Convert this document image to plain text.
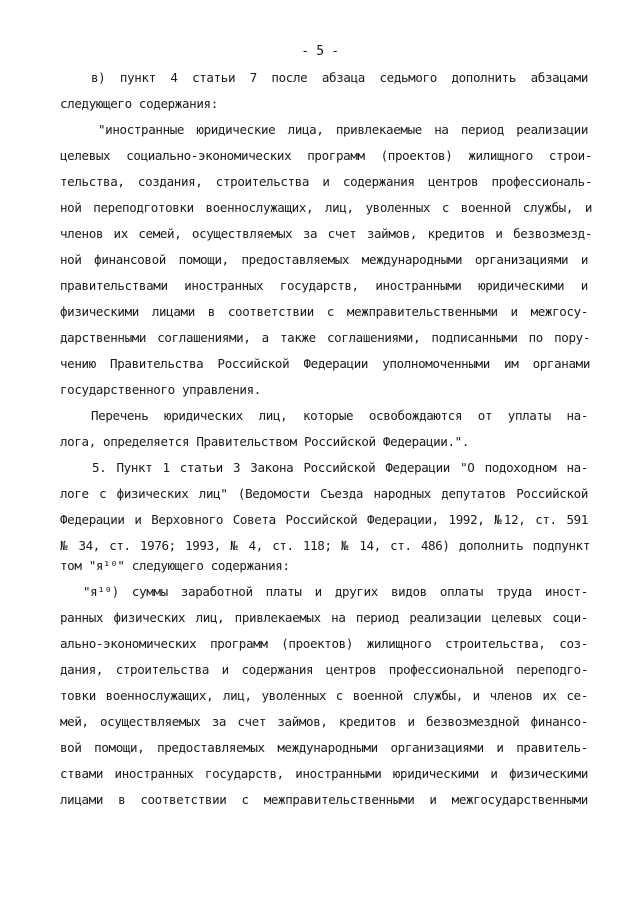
- 5 -
в) пункт 4 статьи 7 после абзаца седьмого дополнить абзацами
следующего содержания:
"иностранные юридические лица, привлекаемые на период реализации
целевых социально-экономических программ (проектов) жилищного строи-
тельства, создания, строительства и содержания центров профессиональ-
ной переподготовки военнослужащих, лиц, уволенных с военной службы, и
членов их семей, осуществляемых за счет займов, кредитов и безвозмезд-
ной финансовой помощи, предоставляемых международными организациями и
правительствами иностранных государств, иностранными юридическими и
физическими лицами в соответствии с межправительственными и межгосу-
дарственными соглашениями, а также соглашениями, подписанными по пору-
чению Правительства Российской Федерации уполномоченными им органами
государственного управления.
Перечень юридических лиц, которые освобождаются от уплаты на-
лога, определяется Правительством Российской Федерации.".
5. Пункт 1 статьи 3 Закона Российской Федерации "О подоходном на-
логе с физических лиц" (Ведомости Съезда народных депутатов Российской
Федерации и Верховного Совета Российской Федерации, 1992, №12, ст. 591
№ 34, ст. 1976; 1993, № 4, ст. 118; № 14, ст. 486) дополнить подпункт
том "я¹⁰" следующего содержания:
"я¹⁰) суммы заработной платы и других видов оплаты труда иност-
ранных физических лиц, привлекаемых на период реализации целевых соци-
ально-экономических программ (проектов) жилищного строительства, соз-
дания, строительства и содержания центров профессиональной переподго-
товки военнослужащих, лиц, уволенных с военной службы, и членов их се-
мей, осуществляемых за счет займов, кредитов и безвозмездной финансо-
вой помощи, предоставляемых международными организациями и правитель-
ствами иностранных государств, иностранными юридическими и физическими
лицами в соответствии с межправительственными и межгосударственными
